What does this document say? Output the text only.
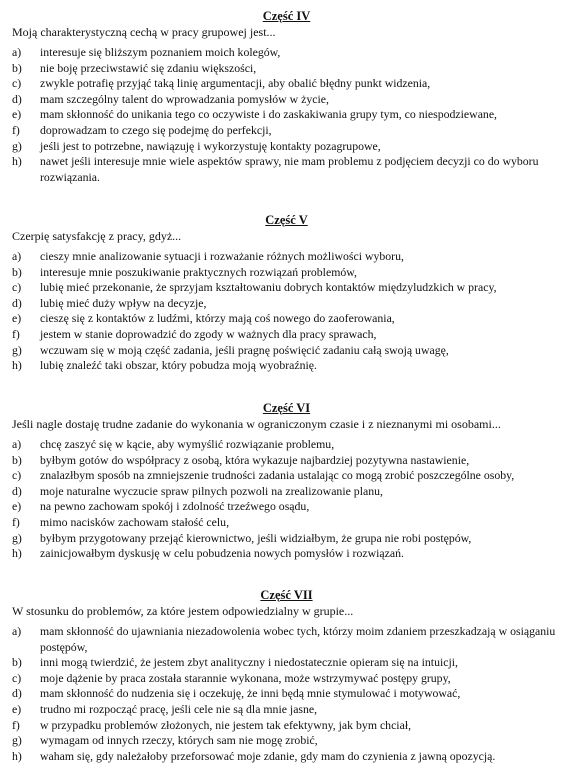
Część IV
Moją charakterystyczną cechą w pracy grupowej jest...
a) interesuje się bliższym poznaniem moich kolegów,
b) nie boję przeciwstawić się zdaniu większości,
c) zwykle potrafię przyjąć taką linię argumentacji, aby obalić błędny punkt widzenia,
d) mam szczególny talent do wprowadzania pomysłów w życie,
e) mam skłonność do unikania tego co oczywiste i do zaskakiwania grupy tym, co niespodziewane,
f) doprowadzam to czego się podejmę do perfekcji,
g) jeśli jest to potrzebne, nawiązuję i wykorzystuję kontakty pozagrupowe,
h) nawet jeśli interesuje mnie wiele aspektów sprawy, nie mam problemu z podjęciem decyzji co do wyboru rozwiązania.
Część V
Czerpię satysfakcję z pracy, gdyż...
a) cieszy mnie analizowanie sytuacji i rozważanie różnych możliwości wyboru,
b) interesuje mnie poszukiwanie praktycznych rozwiązań problemów,
c) lubię mieć przekonanie, że sprzyjam kształtowaniu dobrych kontaktów międzyludzkich w pracy,
d) lubię mieć duży wpływ na decyzje,
e) cieszę się z kontaktów z ludźmi, którzy mają coś nowego do zaoferowania,
f) jestem w stanie doprowadzić do zgody w ważnych dla pracy sprawach,
g) wczuwam się w moją część zadania, jeśli pragnę poświęcić zadaniu całą swoją uwagę,
h) lubię znaleźć taki obszar, który pobudza moją wyobraźnię.
Część VI
Jeśli nagle dostaję trudne zadanie do wykonania w ograniczonym czasie i z nieznanymi mi osobami...
a) chcę zaszyć się w kącie, aby wymyślić rozwiązanie problemu,
b) byłbym gotów do współpracy z osobą, która wykazuje najbardziej pozytywna nastawienie,
c) znalazłbym sposób na zmniejszenie trudności zadania ustalając co mogą zrobić poszczególne osoby,
d) moje naturalne wyczucie spraw pilnych pozwoli na zrealizowanie planu,
e) na pewno zachowam spokój i zdolność trzeźwego osądu,
f) mimo nacisków zachowam stałość celu,
g) byłbym przygotowany przejąć kierownictwo, jeśli widziałbym, że grupa nie robi postępów,
h) zainicjowałbym dyskusję w celu pobudzenia nowych pomysłów i rozwiązań.
Część VII
W stosunku do problemów, za które jestem odpowiedzialny w grupie...
a) mam skłonność do ujawniania niezadowolenia wobec tych, którzy moim zdaniem przeszkadzają w osiąganiu postępów,
b) inni mogą twierdzić, że jestem zbyt analityczny i niedostatecznie opieram się na intuicji,
c) moje dążenie by praca została starannie wykonana, może wstrzymywać postępy grupy,
d) mam skłonność do nudzenia się i oczekuję, że inni będą mnie stymulować i motywować,
e) trudno mi rozpocząć pracę, jeśli cele nie są dla mnie jasne,
f) w przypadku problemów złożonych, nie jestem tak efektywny, jak bym chciał,
g) wymagam od innych rzeczy, których sam nie mogę zrobić,
h) waham się, gdy należałoby przeforsować moje zdanie, gdy mam do czynienia z jawną opozycją.
